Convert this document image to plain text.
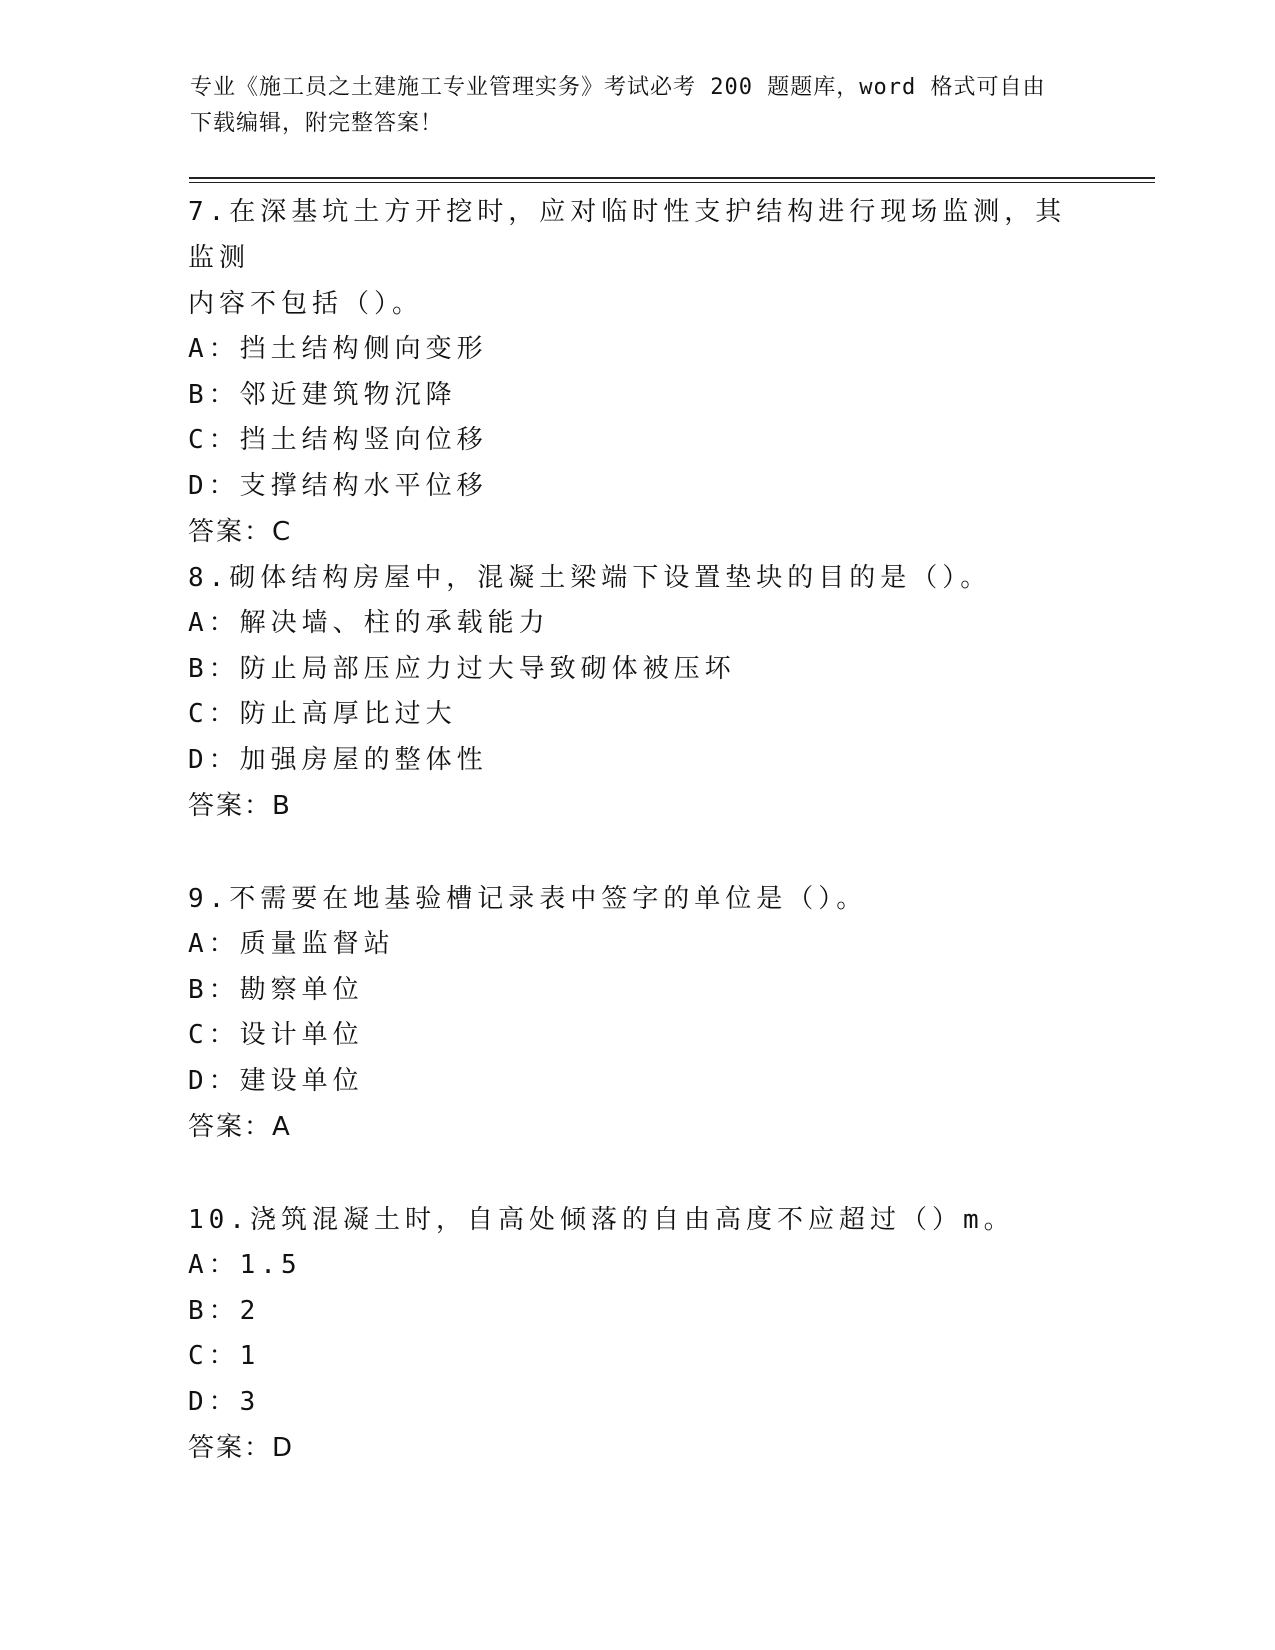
专业《施工员之土建施工专业管理实务》考试必考 200 题题库，word 格式可自由
下载编辑，附完整答案！
7.在深基坑土方开挖时，应对临时性支护结构进行现场监测，其监测
内容不包括（）。
A：挡土结构侧向变形
B：邻近建筑物沉降
C：挡土结构竖向位移
D：支撑结构水平位移
答案：C
8.砌体结构房屋中，混凝土梁端下设置垫块的目的是（）。
A：解决墙、柱的承载能力
B：防止局部压应力过大导致砌体被压坏
C：防止高厚比过大
D：加强房屋的整体性
答案：B
9.不需要在地基验槽记录表中签字的单位是（）。
A：质量监督站
B：勘察单位
C：设计单位
D：建设单位
答案：A
10.浇筑混凝土时，自高处倾落的自由高度不应超过（）m。
A：1.5
B：2
C：1
D：3
答案：D
